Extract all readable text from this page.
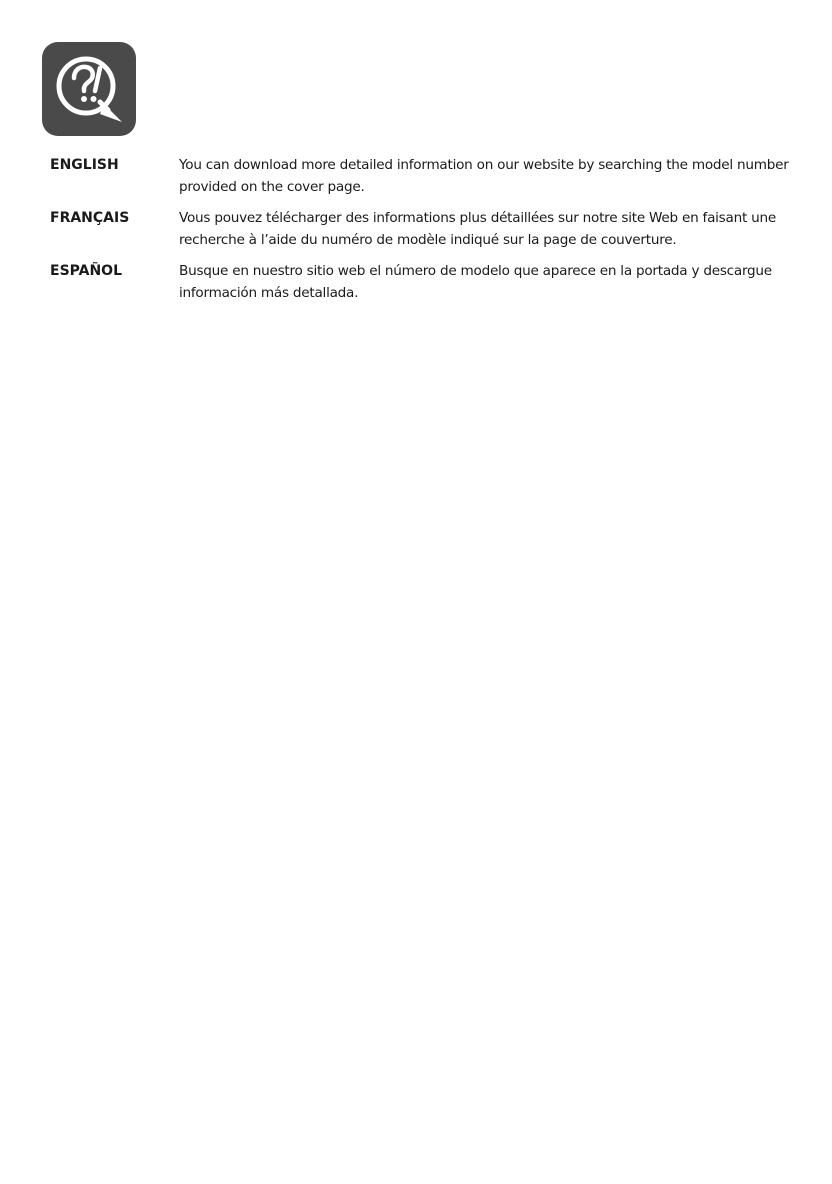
ENGLISH	You can download more detailed information on our website by searching the model number provided on the cover page.
FRANÇAIS	Vous pouvez télécharger des informations plus détaillées sur notre site Web en faisant une recherche à l’aide du numéro de modèle indiqué sur la page de couverture.
ESPAÑOL	Busque en nuestro sitio web el número de modelo que aparece en la portada y descargue información más detallada.
